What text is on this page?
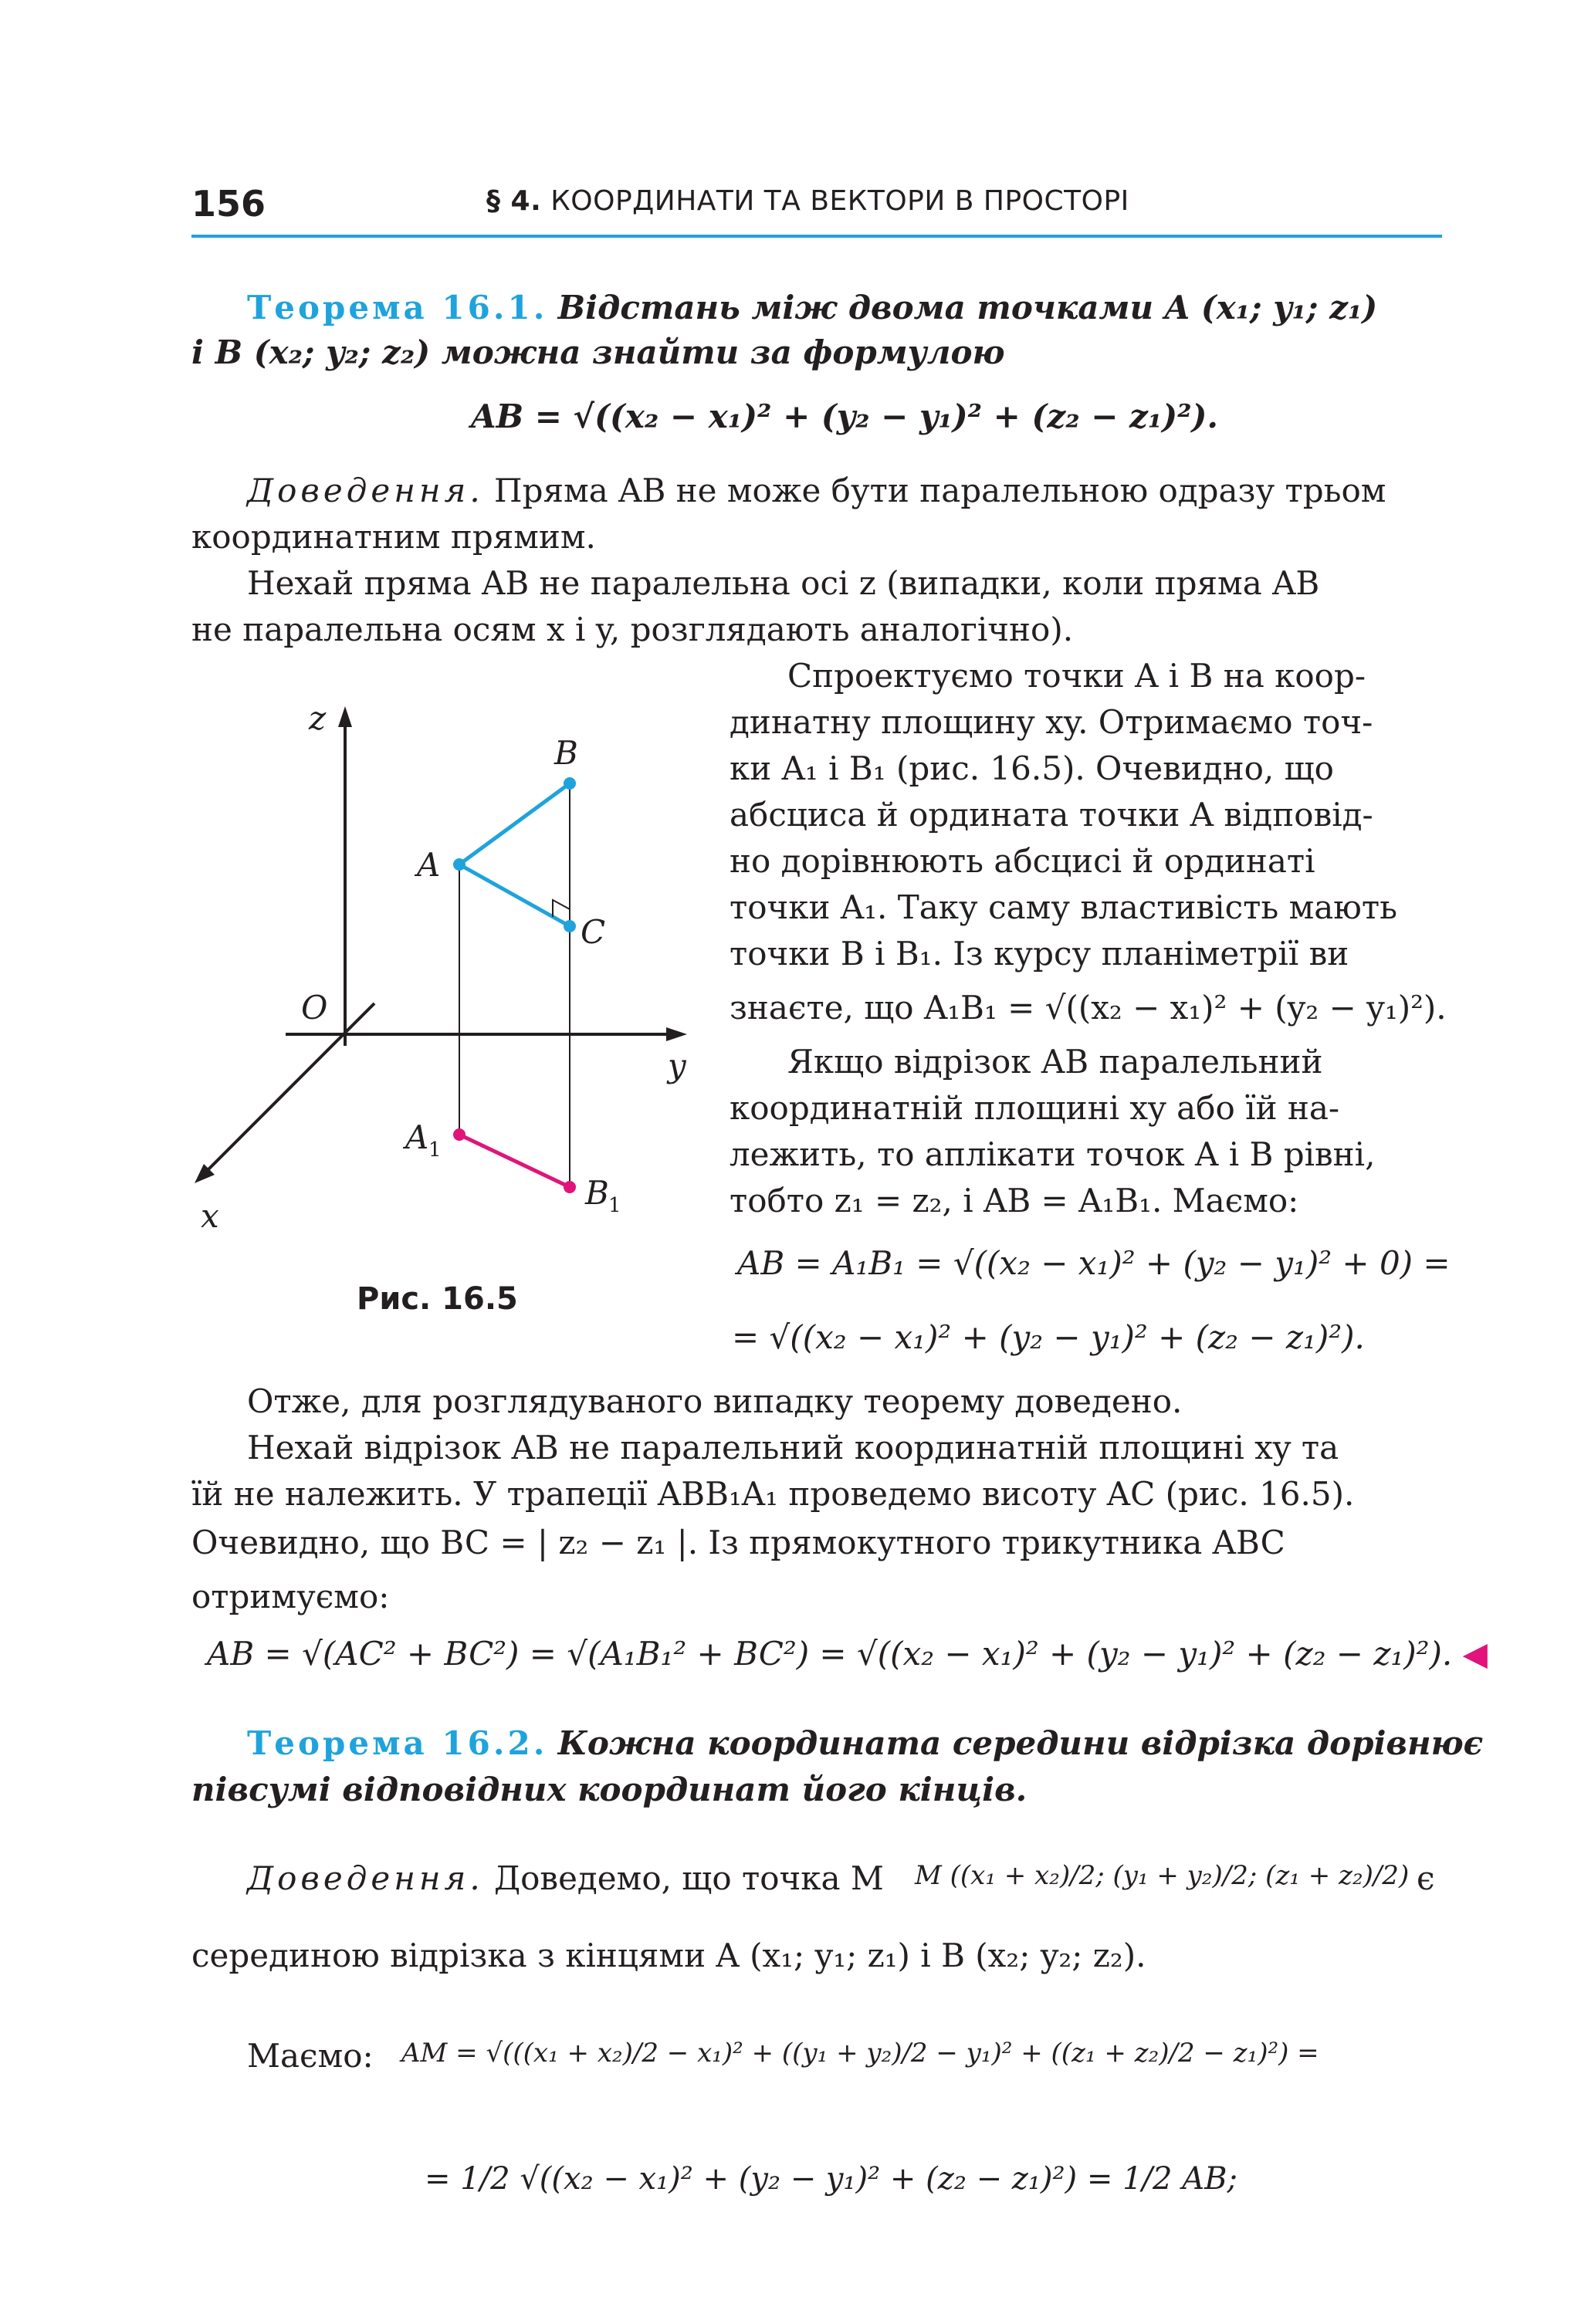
156	§ 4. КООРДИНАТИ ТА ВЕКТОРИ В ПРОСТОРІ
Теорема 16.1. Відстань між двома точками A (x₁; y₁; z₁)
і B (x₂; y₂; z₂) можна знайти за формулою
AB = √((x₂ − x₁)² + (y₂ − y₁)² + (z₂ − z₁)²).
Доведення. Пряма AB не може бути паралельною одразу трьом
координатним прямим.
Нехай пряма AB не паралельна осі z (випадки, коли пряма AB
не паралельна осям x і y, розглядають аналогічно).
Спроектуємо точки A і B на коор-
динатну площину xy. Отримаємо точ-
ки A₁ і B₁ (рис. 16.5). Очевидно, що
абсциса й ордината точки A відповід-
но дорівнюють абсцисі й ординаті
точки A₁. Таку саму властивість мають
точки B і B₁. Із курсу планіметрії ви
знаєте, що A₁B₁ = √((x₂ − x₁)² + (y₂ − y₁)²).
Якщо відрізок AB паралельний
координатній площині xy або їй на-
лежить, то аплікати точок A і B рівні,
тобто z₁ = z₂, і AB = A₁B₁. Маємо:
AB = A₁B₁ = √((x₂ − x₁)² + (y₂ − y₁)² + 0) =
= √((x₂ − x₁)² + (y₂ − y₁)² + (z₂ − z₁)²).
z
y
x
O
A
B
C
A 1
B 1
Рис. 16.5
Отже, для розглядуваного випадку теорему доведено.
Нехай відрізок AB не паралельний координатній площині xy та
їй не належить. У трапеції ABB₁A₁ проведемо висоту AC (рис. 16.5).
Очевидно, що BC = | z₂ − z₁ |. Із прямокутного трикутника ABC
отримуємо:
AB = √(AC² + BC²) = √(A₁B₁² + BC²) = √((x₂ − x₁)² + (y₂ − y₁)² + (z₂ − z₁)²). ◀
Теорема 16.2. Кожна координата середини відрізка дорівнює
півсумі відповідних координат його кінців.
Доведення. Доведемо, що точка M M ((x₁ + x₂)/2; (y₁ + y₂)/2; (z₁ + z₂)/2) є
серединою відрізка з кінцями A (x₁; y₁; z₁) і B (x₂; y₂; z₂).
Маємо: AM = √(((x₁ + x₂)/2 − x₁)² + ((y₁ + y₂)/2 − y₁)² + ((z₁ + z₂)/2 − z₁)²) =
= 1/2 √((x₂ − x₁)² + (y₂ − y₁)² + (z₂ − z₁)²) = 1/2 AB;
